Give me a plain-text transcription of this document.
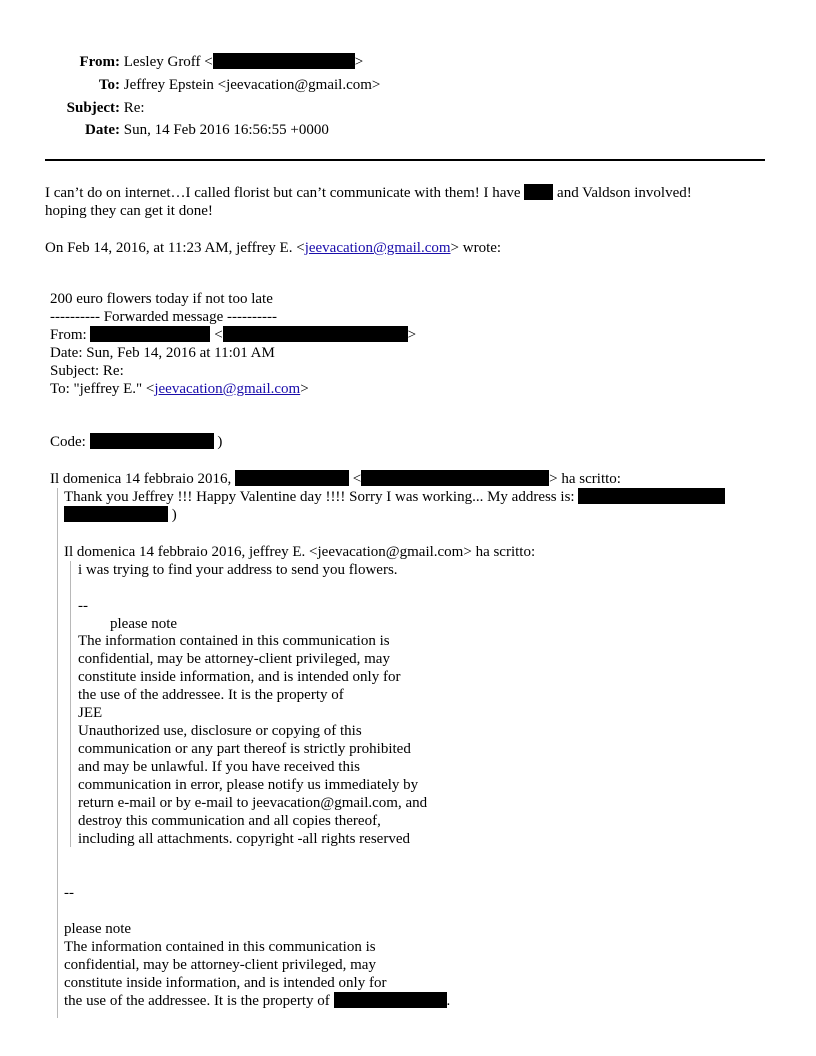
From: Lesley Groff <	>
To: Jeffrey Epstein <jeevacation@gmail.com>
Subject: Re:
Date: Sun, 14 Feb 2016 16:56:55 +0000
I can’t do on internet…I called florist but can’t communicate with them! I have  and Valdson involved!
hoping they can get it done!
On Feb 14, 2016, at 11:23 AM, jeffrey E. <jeevacation@gmail.com> wrote:
200 euro flowers today if not too late
---------- Forwarded message ----------
From:	<	>
Date: Sun, Feb 14, 2016 at 11:01 AM
Subject: Re:
To: "jeffrey E." <jeevacation@gmail.com>
Code:	)
Il domenica 14 febbraio 2016,	<	> ha scritto:
Thank you Jeffrey !!! Happy Valentine day !!!! Sorry I was working... My address is:
)
Il domenica 14 febbraio 2016, jeffrey E. <jeevacation@gmail.com> ha scritto:
i was trying to find your address to send you flowers.
--
please note
The information contained in this communication is
confidential, may be attorney-client privileged, may
constitute inside information, and is intended only for
the use of the addressee. It is the property of
JEE
Unauthorized use, disclosure or copying of this
communication or any part thereof is strictly prohibited
and may be unlawful. If you have received this
communication in error, please notify us immediately by
return e-mail or by e-mail to jeevacation@gmail.com, and
destroy this communication and all copies thereof,
including all attachments. copyright -all rights reserved
--
please note
The information contained in this communication is
confidential, may be attorney-client privileged, may
constitute inside information, and is intended only for
the use of the addressee. It is the property of	.
